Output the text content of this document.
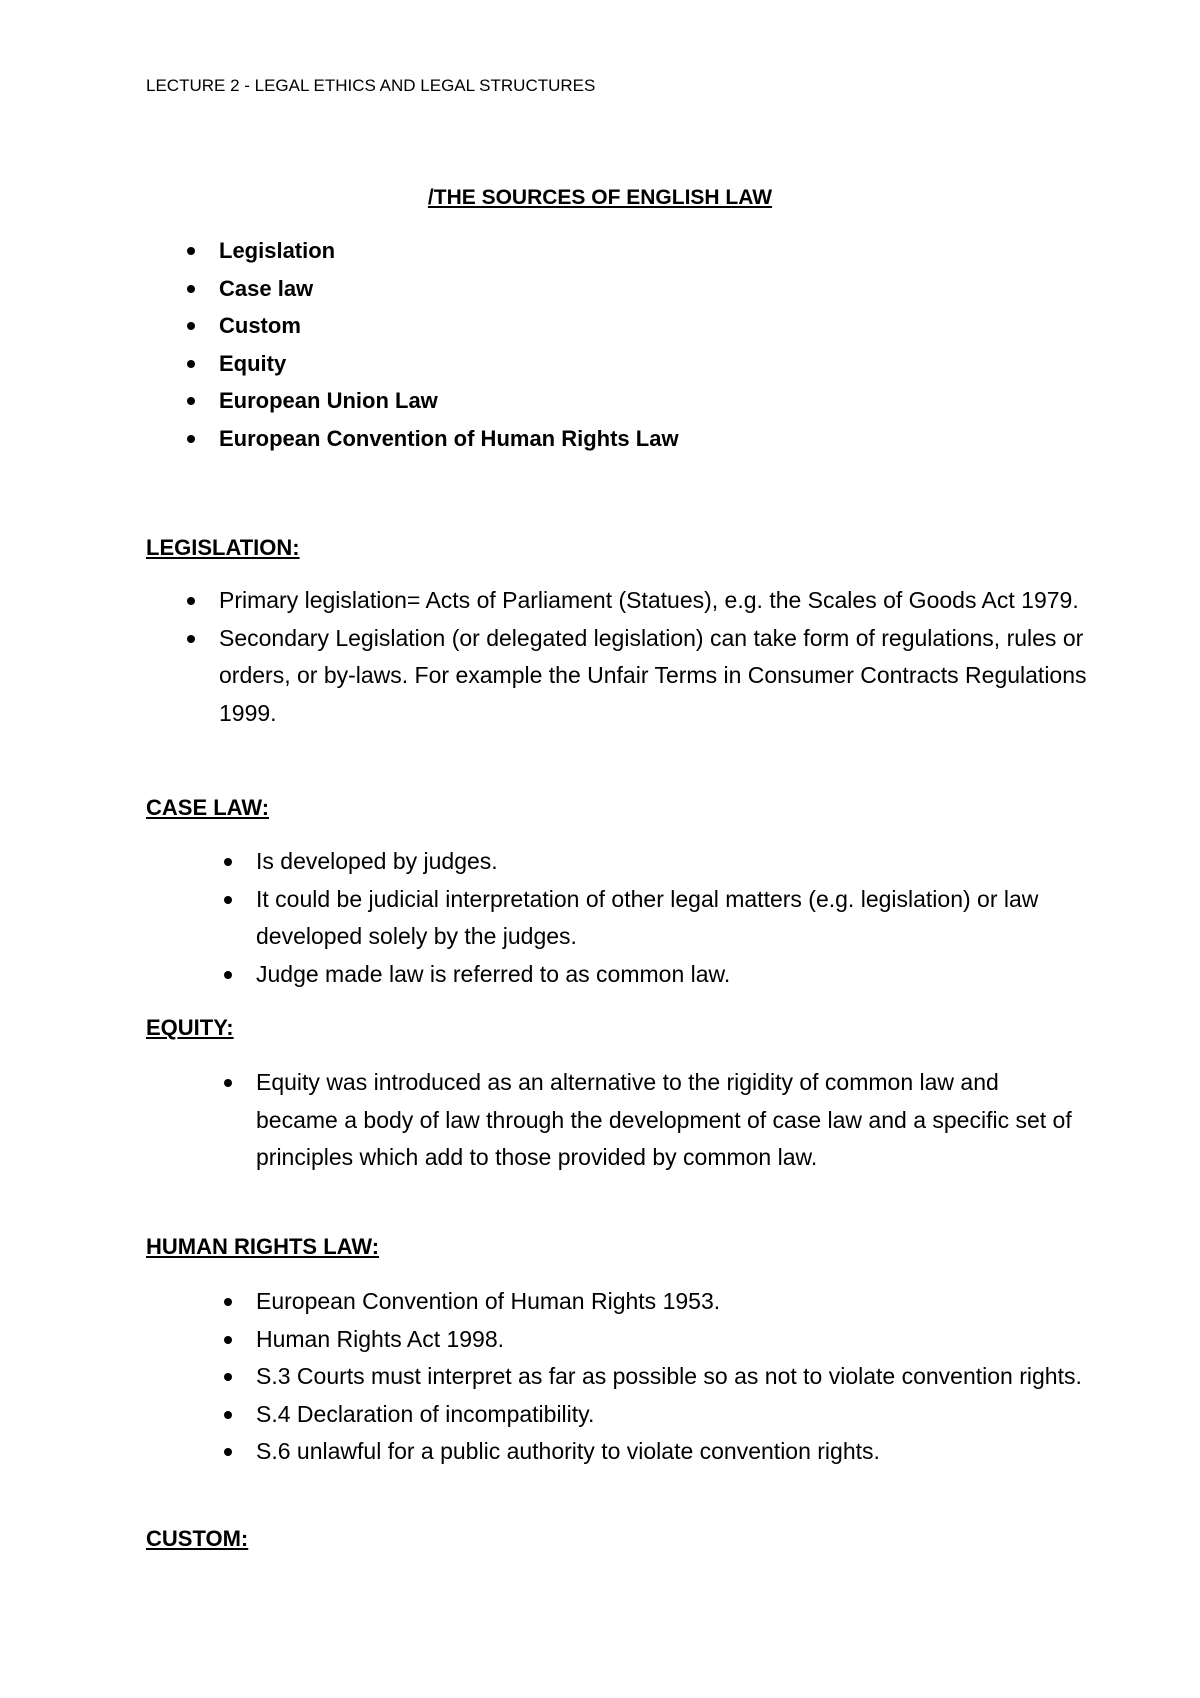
LECTURE 2 - LEGAL ETHICS AND LEGAL STRUCTURES
/THE SOURCES OF ENGLISH LAW
Legislation
Case law
Custom
Equity
European Union Law
European Convention of Human Rights Law
LEGISLATION:
Primary legislation= Acts of Parliament (Statues), e.g. the Scales of Goods Act 1979.
Secondary Legislation (or delegated legislation) can take form of regulations, rules or orders, or by-laws. For example the Unfair Terms in Consumer Contracts Regulations 1999.
CASE LAW:
Is developed by judges.
It could be judicial interpretation of other legal matters (e.g. legislation) or law developed solely by the judges.
Judge made law is referred to as common law.
EQUITY:
Equity was introduced as an alternative to the rigidity of common law and became a body of law through the development of case law and a specific set of principles which add to those provided by common law.
HUMAN RIGHTS LAW:
European Convention of Human Rights 1953.
Human Rights Act 1998.
S.3 Courts must interpret as far as possible so as not to violate convention rights.
S.4 Declaration of incompatibility.
S.6 unlawful for a public authority to violate convention rights.
CUSTOM:
